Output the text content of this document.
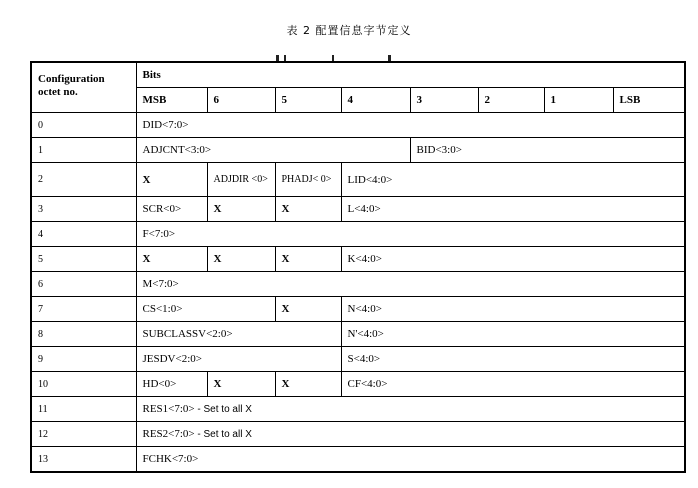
表 2 配置信息字节定义
Configuration octet no.	Bits							
	MSB	6	5	4	3	2	1	LSB
0	DID<7:0>							
1	ADJCNT<3:0>				BID<3:0>			
2	X	ADJDIR <0>	PHADJ< 0>	LID<4:0>				
3	SCR<0>	X	X	L<4:0>				
4	F<7:0>							
5	X	X	X	K<4:0>				
6	M<7:0>							
7	CS<1:0>		X	N<4:0>				
8	SUBCLASSV<2:0>			N'<4:0>				
9	JESDV<2:0>			S<4:0>				
10	HD<0>	X	X	CF<4:0>				
11	RES1<7:0> - Set to all X							
12	RES2<7:0> - Set to all X							
13	FCHK<7:0>							
